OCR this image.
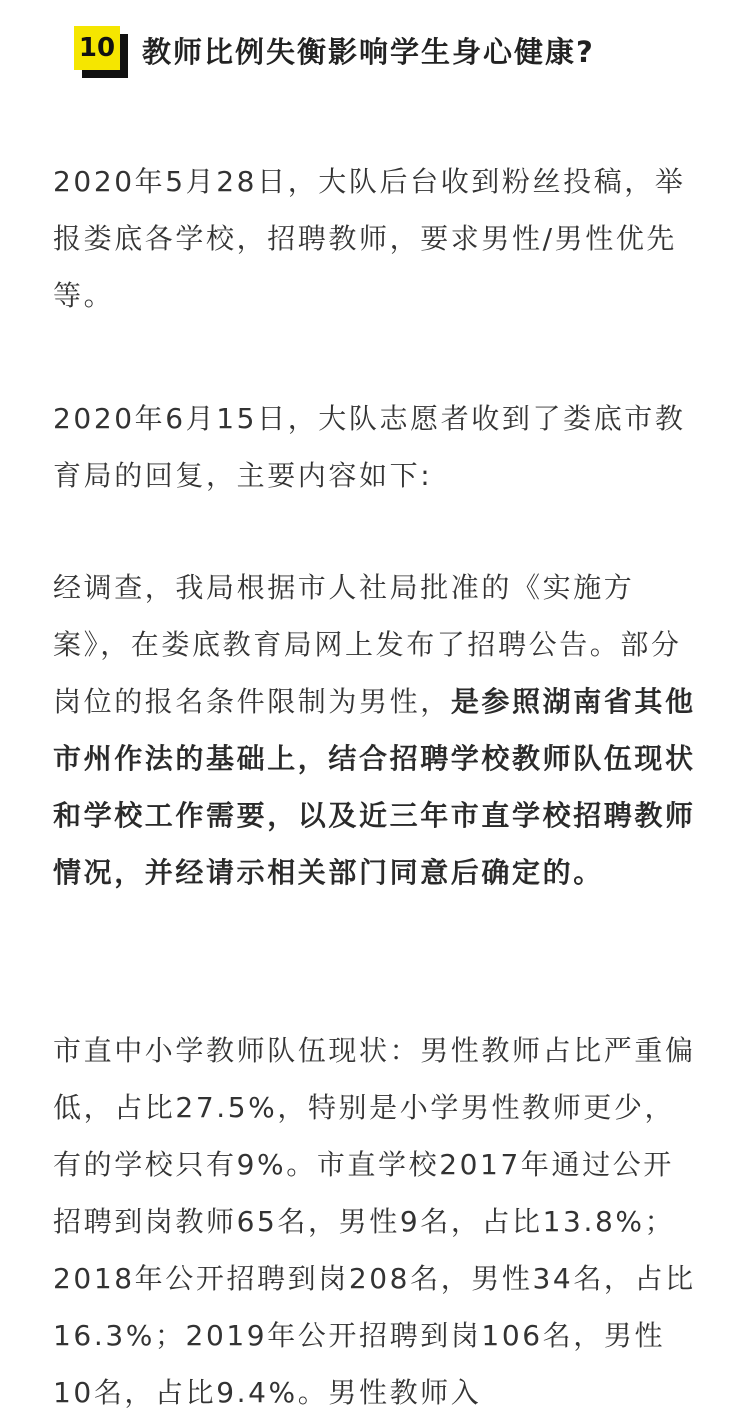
10 教师比例失衡影响学生身心健康?

2020年5月28日，大队后台收到粉丝投稿，举报娄底各学校，招聘教师，要求男性/男性优先等。

2020年6月15日，大队志愿者收到了娄底市教育局的回复，主要内容如下:

经调查，我局根据市人社局批准的《实施方案》，在娄底教育局网上发布了招聘公告。部分岗位的报名条件限制为男性，是参照湖南省其他市州作法的基础上，结合招聘学校教师队伍现状和学校工作需要，以及近三年市直学校招聘教师情况，并经请示相关部门同意后确定的。

市直中小学教师队伍现状：男性教师占比严重偏低，占比27.5%，特别是小学男性教师更少，有的学校只有9%。市直学校2017年通过公开招聘到岗教师65名，男性9名，占比13.8%；2018年公开招聘到岗208名，男性34名，占比16.3%；2019年公开招聘到岗106名，男性10名，占比9.4%。男性教师入
